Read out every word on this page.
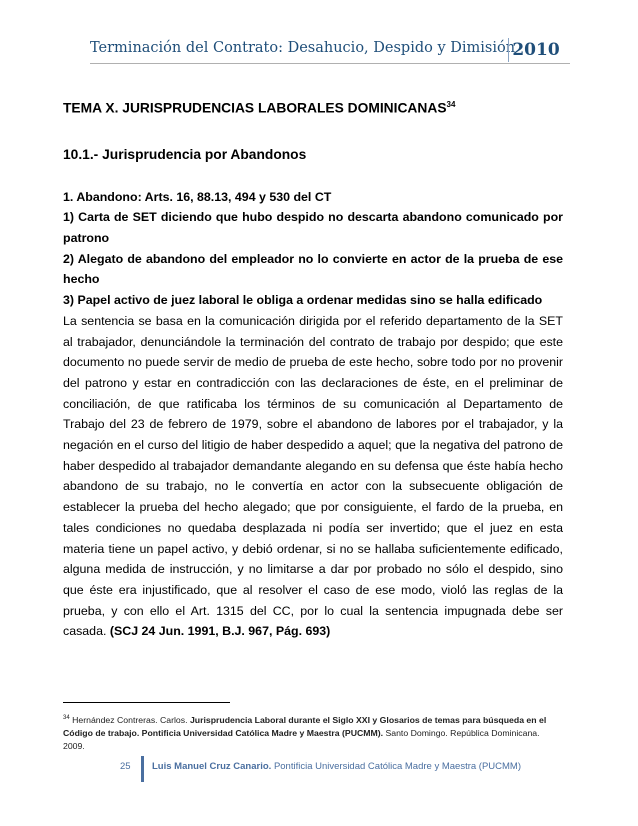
Terminación del Contrato: Desahucio, Despido y Dimisión
2010

TEMA X. JURISPRUDENCIAS LABORALES DOMINICANAS$^{34}$

10.1.- Jurisprudencia por Abandonos
1. Abandono: Arts. 16, 88.13, 494 y 530 del CT
1) Carta de SET diciendo que hubo despido no descarta abandono comunicado por patrono
2) Alegato de abandono del empleador no lo convierte en actor de la prueba de ese hecho
3) Papel activo de juez laboral le obliga a ordenar medidas sino se halla edificado
La sentencia se basa en la comunicación dirigida por el referido departamento de la SET al trabajador, denunciándole la terminación del contrato de trabajo por despido; que este documento no puede servir de medio de prueba de este hecho, sobre todo por no provenir del patrono y estar en contradicción con las declaraciones de éste, en el preliminar de conciliación, de que ratificaba los términos de su comunicación al Departamento de Trabajo del 23 de febrero de 1979, sobre el abandono de labores por el trabajador, y la negación en el curso del litigio de haber despedido a aquel; que la negativa del patrono de haber despedido al trabajador demandante alegando en su defensa que éste había hecho abandono de su trabajo, no le convertía en actor con la subsecuente obligación de establecer la prueba del hecho alegado; que por consiguiente, el fardo de la prueba, en tales condiciones no quedaba desplazada ni podía ser invertido; que el juez en esta materia tiene un papel activo, y debió ordenar, si no se hallaba suficientemente edificado, alguna medida de instrucción, y no limitarse a dar por probado no sólo el despido, sino que éste era injustificado, que al resolver el caso de ese modo, violó las reglas de la prueba, y con ello el Art. 1315 del CC, por lo cual la sentencia impugnada debe ser casada. (SCJ 24 Jun. 1991, B.J. 967, Pág. 693)
$^{34}$ Hernández Contreras. Carlos. Jurisprudencia Laboral durante el Siglo XXI y Glosarios de temas para búsqueda en el Código de trabajo. Pontificia Universidad Católica Madre y Maestra (PUCMM). Santo Domingo. República Dominicana. 2009.
25 Luis Manuel Cruz Canario. Pontificia Universidad Católica Madre y Maestra (PUCMM)
